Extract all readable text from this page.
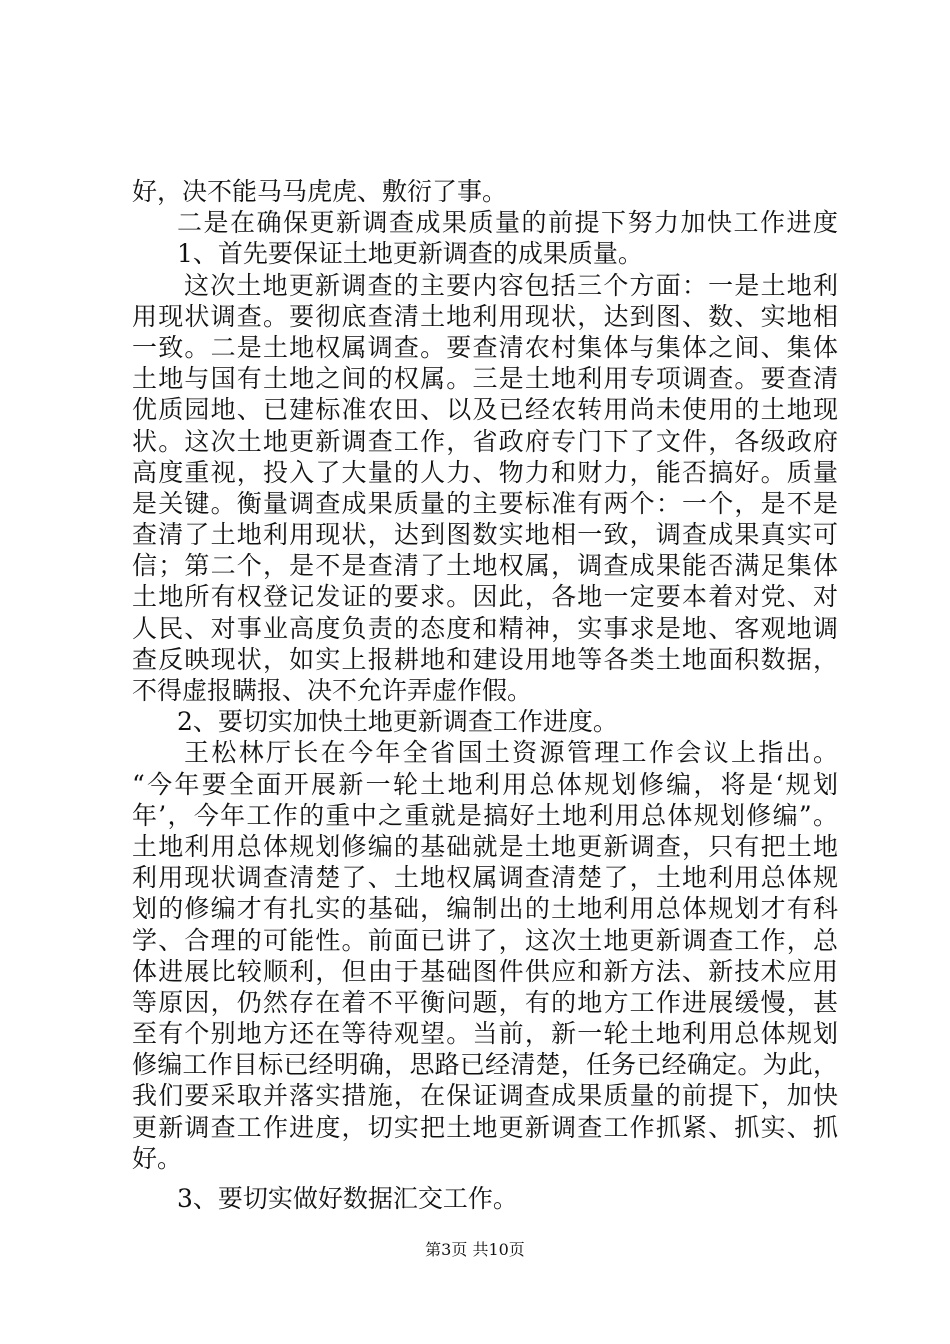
好，决不能马马虎虎、敷衍了事。
二是在确保更新调查成果质量的前提下努力加快工作进度
1、首先要保证土地更新调查的成果质量。
这次土地更新调查的主要内容包括三个方面：一是土地利
用现状调查。要彻底查清土地利用现状，达到图、数、实地相
一致。二是土地权属调查。要查清农村集体与集体之间、集体
土地与国有土地之间的权属。三是土地利用专项调查。要查清
优质园地、已建标准农田、以及已经农转用尚未使用的土地现
状。这次土地更新调查工作，省政府专门下了文件，各级政府
高度重视，投入了大量的人力、物力和财力，能否搞好。质量
是关键。衡量调查成果质量的主要标准有两个：一个，是不是
查清了土地利用现状，达到图数实地相一致，调查成果真实可
信；第二个，是不是查清了土地权属，调查成果能否满足集体
土地所有权登记发证的要求。因此，各地一定要本着对党、对
人民、对事业高度负责的态度和精神，实事求是地、客观地调
查反映现状，如实上报耕地和建设用地等各类土地面积数据，
不得虚报瞒报、决不允许弄虚作假。
2、要切实加快土地更新调查工作进度。
王松林厅长在今年全省国土资源管理工作会议上指出。
“今年要全面开展新一轮土地利用总体规划修编，将是‘规划
年’，今年工作的重中之重就是搞好土地利用总体规划修编”。
土地利用总体规划修编的基础就是土地更新调查，只有把土地
利用现状调查清楚了、土地权属调查清楚了，土地利用总体规
划的修编才有扎实的基础，编制出的土地利用总体规划才有科
学、合理的可能性。前面已讲了，这次土地更新调查工作，总
体进展比较顺利，但由于基础图件供应和新方法、新技术应用
等原因，仍然存在着不平衡问题，有的地方工作进展缓慢，甚
至有个别地方还在等待观望。当前，新一轮土地利用总体规划
修编工作目标已经明确，思路已经清楚，任务已经确定。为此，
我们要采取并落实措施，在保证调查成果质量的前提下，加快
更新调查工作进度，切实把土地更新调查工作抓紧、抓实、抓
好。
3、要切实做好数据汇交工作。
第3页 共10页
